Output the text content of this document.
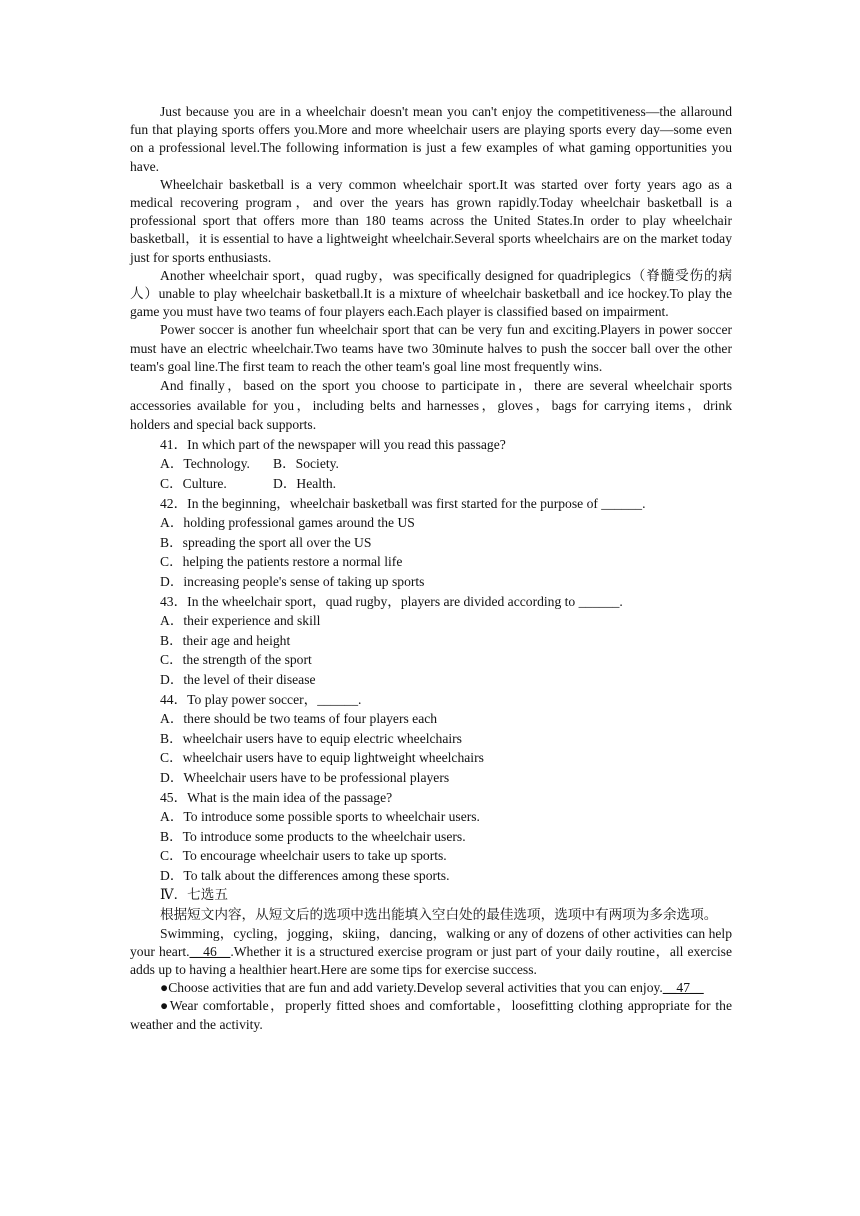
Just because you are in a wheelchair doesn't mean you can't enjoy the competitiveness—the allaround fun that playing sports offers you.More and more wheelchair users are playing sports every day—some even on a professional level.The following information is just a few examples of what gaming opportunities you have.

Wheelchair basketball is a very common wheelchair sport.It was started over forty years ago as a medical recovering program，and over the years has grown rapidly.Today wheelchair basketball is a professional sport that offers more than 180 teams across the United States.In order to play wheelchair basketball，it is essential to have a lightweight wheelchair.Several sports wheelchairs are on the market today just for sports enthusiasts.

Another wheelchair sport，quad rugby，was specifically designed for quadriplegics（脊髓受伤的病人）unable to play wheelchair basketball.It is a mixture of wheelchair basketball and ice hockey.To play the game you must have two teams of four players each.Each player is classified based on impairment.

Power soccer is another fun wheelchair sport that can be very fun and exciting.Players in power soccer must have an electric wheelchair.Two teams have two 30minute halves to push the soccer ball over the other team's goal line.The first team to reach the other team's goal line most frequently wins.

And finally，based on the sport you choose to participate in，there are several wheelchair sports accessories available for you，including belts and harnesses，gloves，bags for carrying items，drink holders and special back supports.

41．In which part of the newspaper will you read this passage?

A．Technology. B．Society.

C．Culture.	D．Health.

42．In the beginning，wheelchair basketball was first started for the purpose of ______.

A．holding professional games around the US

B．spreading the sport all over the US

C．helping the patients restore a normal life

D．increasing people's sense of taking up sports

43．In the wheelchair sport，quad rugby，players are divided according to ______.

A．their experience and skill

B．their age and height

C．the strength of the sport

D．the level of their disease

44．To play power soccer，______.

A．there should be two teams of four players each

B．wheelchair users have to equip electric wheelchairs

C．wheelchair users have to equip lightweight wheelchairs

D．Wheelchair users have to be professional players

45．What is the main idea of the passage?

A．To introduce some possible sports to wheelchair users.

B．To introduce some products to the wheelchair users.

C．To encourage wheelchair users to take up sports.

D．To talk about the differences among these sports.

Ⅳ．七选五

根据短文内容，从短文后的选项中选出能填入空白处的最佳选项，选项中有两项为多余选项。

Swimming，cycling，jogging，skiing，dancing，walking or any of dozens of other activities can help your heart.__46__.Whether it is a structured exercise program or just part of your daily routine，all exercise adds up to having a healthier heart.Here are some tips for exercise success.

●Choose activities that are fun and add variety.Develop several activities that you can enjoy.__47__

●Wear comfortable，properly fitted shoes and comfortable，loosefitting clothing appropriate for the weather and the activity.
